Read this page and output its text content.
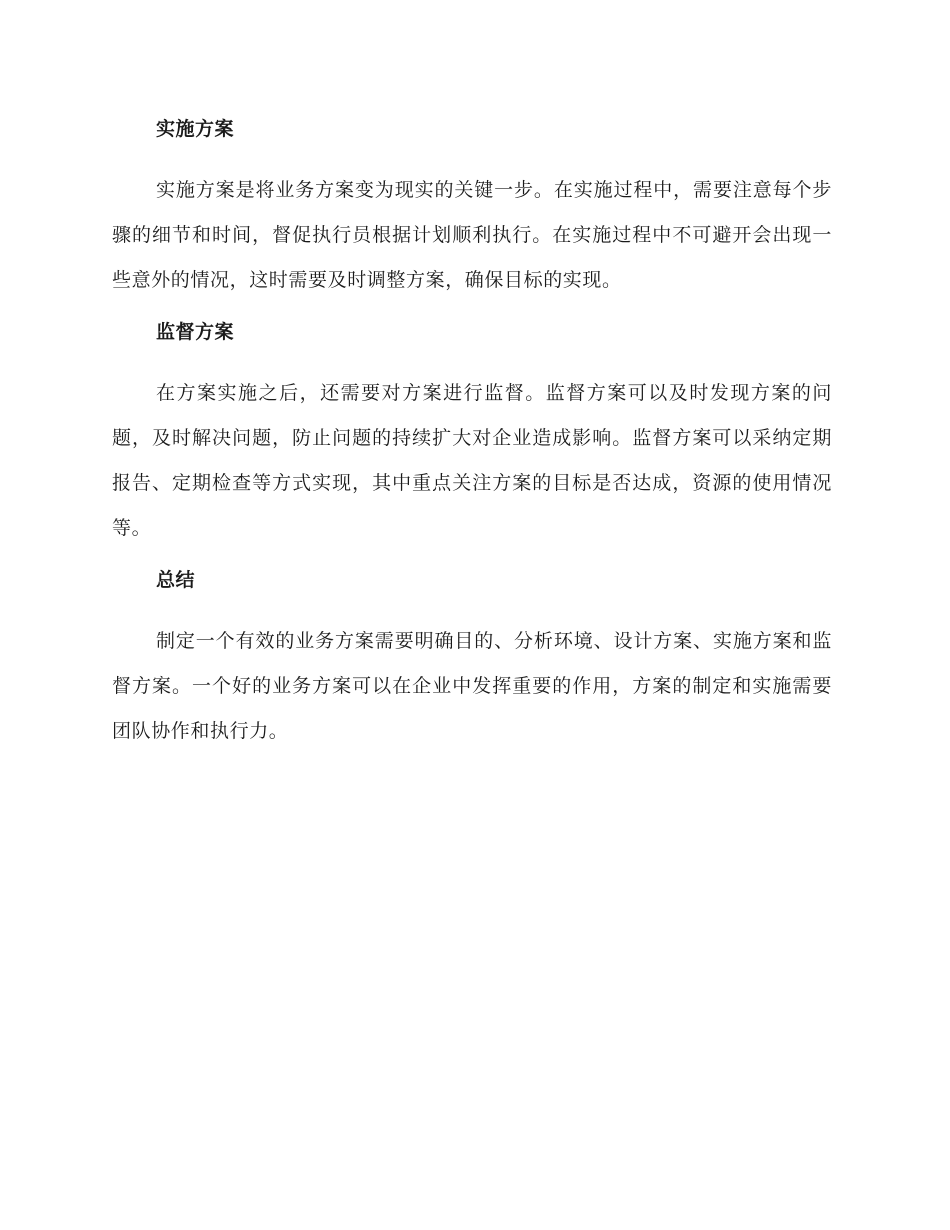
实施方案

实施方案是将业务方案变为现实的关键一步。在实施过程中，需要注意每个步骤的细节和时间，督促执行员根据计划顺利执行。在实施过程中不可避开会出现一些意外的情况，这时需要及时调整方案，确保目标的实现。

监督方案

在方案实施之后，还需要对方案进行监督。监督方案可以及时发现方案的问题，及时解决问题，防止问题的持续扩大对企业造成影响。监督方案可以采纳定期报告、定期检查等方式实现，其中重点关注方案的目标是否达成，资源的使用情况等。

总结

制定一个有效的业务方案需要明确目的、分析环境、设计方案、实施方案和监督方案。一个好的业务方案可以在企业中发挥重要的作用，方案的制定和实施需要团队协作和执行力。
